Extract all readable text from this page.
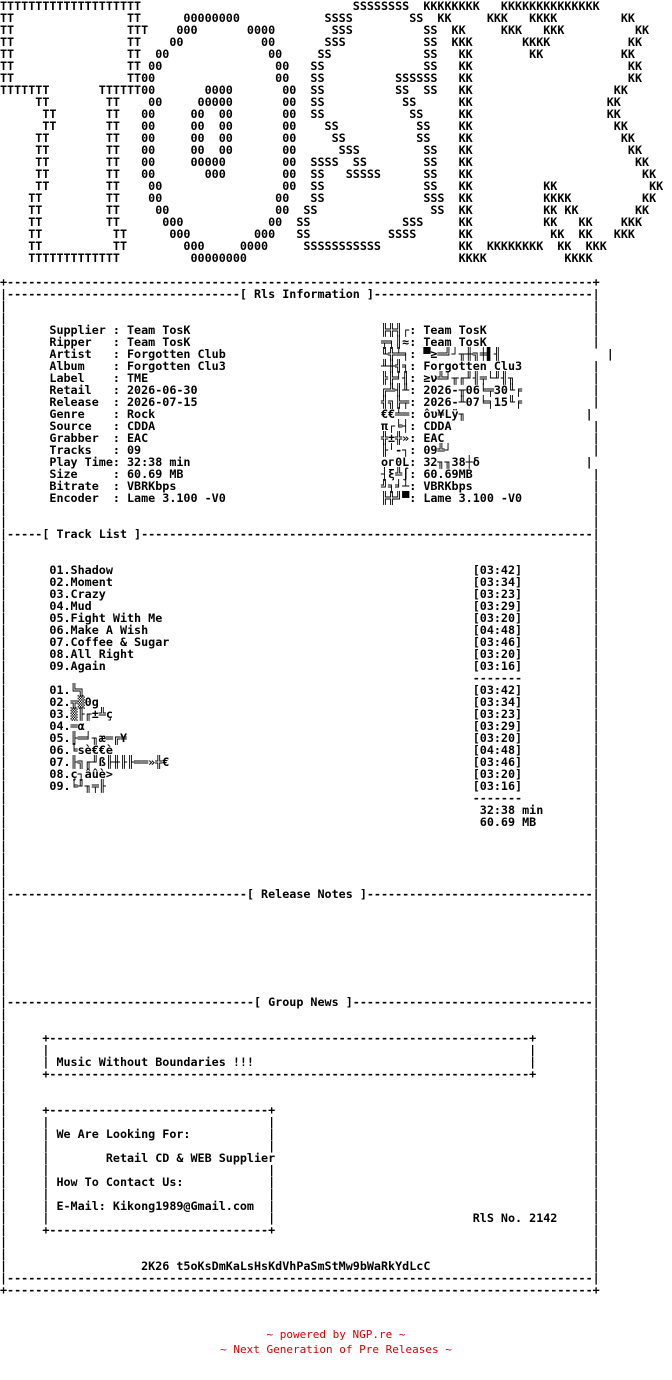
TTTTTTTTTTTTTTTTTTTT                              SSSSSSSS  KKKKKKKK   KKKKKKKKKKKKKK
TT                TT      00000000            SSSS        SS  KK     KKK   KKKK         KK
TT                TTT    000       0000        SSS          SS  KK     KKK   KKK          KK
TT                TT    00           00       SSS           SS  KKK       KKKK           KK
TT                TT  00              00     SS             SS   KK        KK           KK
TT                TT 00                00   SS              SS   KK                      KK
TT                TT00                 00   SS          SSSSSS   KK                      KK
TTTTTTT       TTTTTT00       0000       00  SS          SS  SS   KK                    KK
TT        TT    00     00000       00  SS           SS      KK                   KK
TT       TT   00     00  00       00  SS            SS     KK                   KK
TT       TT   00     00  00       00    SS           SS    KK                    KK
TT        TT   00     00  00       00     SS          SS    KK                     KK
TT        TT   00     00  00       00      SSS         SS   KK                      KK
TT        TT   00     00000        00  SSSS  SS        SS   KK                       KK
TT        TT   00       000        00  SS   SSSSS      SS   KK                        KK
TT        TT    00                 00  SS              SS   KK          KK             KK
TT         TT    00                00   SS              SSS  KK          KKKK          KK
TT         TT     00               00  SS                SS  KK          KK KK        KK
TT         TT      000            00  SS             SSS     KK          KK   KK    KKK
TT          TT      000         000   SS           SSSS      KK           KK  KK   KKK
TT          TT        000     0000     SSSSSSSSSSS           KK  KKKKKKKK  KK  KKK
TTTTTTTTTTTTT          00000000                              KKKK           KKKK

+-----------------------------------------------------------------------------------+
|---------------------------------[ Rls Information ]-------------------------------|
|                                                                                   |
|                                                                                   |
|      Supplier : Team TosK                           ╠╬╣┌: Team TosK               |
|      Ripper   : Team TosK                           ╤╕║≈: Team TosK               |
|      Artist   : Forgotten Club                      ╙╬╧╕: ▀≥═╝┘╥╫╗╪▌╢               |
|      Album    : Forgotten Clu3                      ╨╫╣╕: Forgotten Clu3          |
|      Label    : TME                                 ╠╠╛╢: ≥ν╩╛╥╓╜╢╤└╜╢╖           |
|      Retail   : 2026-06-30                          ╔╩╢╨: 2026-╥06╘╤30╙╒          |
|      Release  : 2026-07-15                          ╣╗╠╤: 2026-╨07╘╕15╙╒          |
|      Genre    : Rock                                €€╧═: ôυ¥Lÿ╖                 |
|      Source   : CDDA                                π┌╘┤: CDDA                    |
|      Grabber  : EAC                                 ╬±╬»: EAC                     |
|      Tracks   : 09                                  ╟╵-┐: 09╩┘                    |
|      Play Time: 32:38 min                           ог0L: 32╖╖38┼δ               |
|      Size     : 60.69 MB                            ┤ξ╩∫: 60.69MB                 |
|      Bitrate  : VBRKbps                             ╝╕╛┴: VBRKbps                 |
|      Encoder  : Lame 3.100 -V0                      ╠╬╝▀: Lame 3.100 -V0          |
|                                                                                   |
|                                                                                   |
|-----[ Track List ]----------------------------------------------------------------|
|                                                                                   |
|                                                                                   |
|      01.Shadow                                                   [03:42]          |
|      02.Moment                                                   [03:34]          |
|      03.Crazy                                                    [03:23]          |
|      04.Mud                                                      [03:29]          |
|      05.Fight With Me                                            [03:20]          |
|      06.Make A Wish                                              [04:48]          |
|      07.Coffee & Sugar                                           [03:46]          |
|      08.All Right                                                [03:20]          |
|      09.Again                                                    [03:16]          |
|                                                                  -------          |
|      01.╚╗                                                       [03:42]          |
|      02.╦▒0g                                                     [03:34]          |
|      03.▒╟╓±╩ç                                                   [03:23]          |
|      04.═α                                                       [03:29]          |
|      05.╟═╛╖æ═╔¥                                                 [03:20]          |
|      06.╘sè€€è                                                   [04:48]          |
|      07.╟╗╓╜ß╟╫╟╟══»╬€                                           [03:46]          |
|      08.ç┐âûè>                                                   [03:20]          |
|      09.╘╜╖╤╟                                                    [03:16]          |
|                                                                  -------          |
|                                                                   32:38 min       |
|                                                                   60.69 MB        |
|                                                                                   |
|                                                                                   |
|                                                                                   |
|                                                                                   |
|                                                                                   |
|----------------------------------[ Release Notes ]--------------------------------|
|                                                                                   |
|                                                                                   |
|                                                                                   |
|                                                                                   |
|                                                                                   |
|                                                                                   |
|                                                                                   |
|                                                                                   |
|-----------------------------------[ Group News ]----------------------------------|
|                                                                                   |
|                                                                                   |
|     +--------------------------------------------------------------------+        |
|     |                                                                    |        |
|     | Music Without Boundaries !!!                                       |        |
|     +--------------------------------------------------------------------+        |
|                                                                                   |
|                                                                                   |
|     +-------------------------------+                                             |
|     |                               |                                             |
|     | We Are Looking For:           |                                             |
|     |                               |                                             |
|     |        Retail CD & WEB Supplier                                             |
|     |                               |                                             |
|     | How To Contact Us:            |                                             |
|     |                               |                                             |
|     | E-Mail: Kikong1989@Gmail.com  |                                             |
|     |                               |                            RlS No. 2142     |
|     +-------------------------------+                                             |
|                                                                                   |
|                                                                                   |
|                   2K26 t5oKsDmKaLsHsKdVhPaSmStMw9bWaRkYdLcC                       |
|-----------------------------------------------------------------------------------|
+-----------------------------------------------------------------------------------+
~ powered by NGP.re ~
~ Next Generation of Pre Releases ~
